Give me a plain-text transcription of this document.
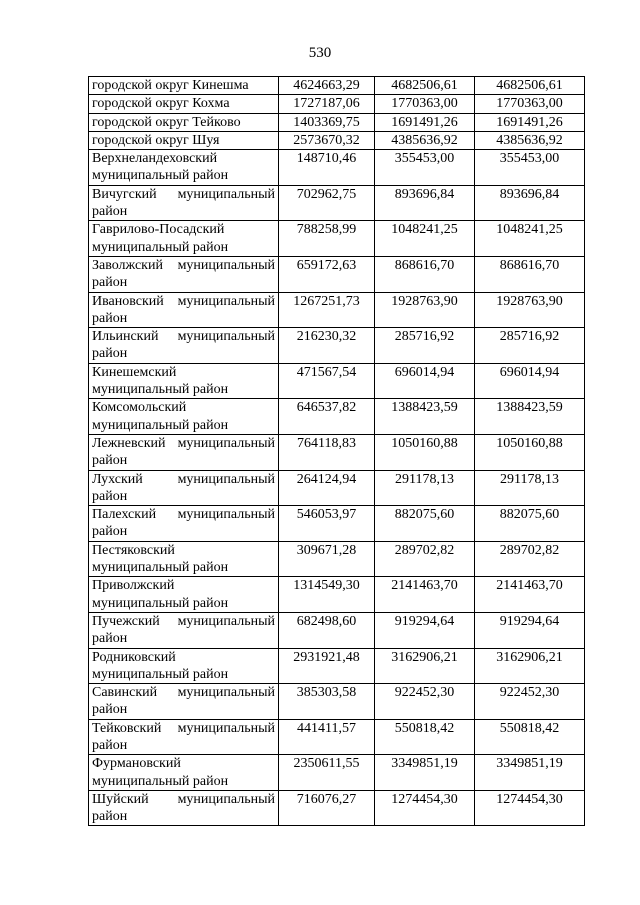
530
городской округ Кинешма	4624663,29	4682506,61	4682506,61
городской округ Кохма	1727187,06	1770363,00	1770363,00
городской округ Тейково	1403369,75	1691491,26	1691491,26
городской округ Шуя	2573670,32	4385636,92	4385636,92
Верхнеландеховский муниципальный район	148710,46	355453,00	355453,00
Вичугский муниципальный район	702962,75	893696,84	893696,84
Гаврилово-Посадский муниципальный район	788258,99	1048241,25	1048241,25
Заволжский муниципальный район	659172,63	868616,70	868616,70
Ивановский муниципальный район	1267251,73	1928763,90	1928763,90
Ильинский муниципальный район	216230,32	285716,92	285716,92
Кинешемский муниципальный район	471567,54	696014,94	696014,94
Комсомольский муниципальный район	646537,82	1388423,59	1388423,59
Лежневский муниципальный район	764118,83	1050160,88	1050160,88
Лухский муниципальный район	264124,94	291178,13	291178,13
Палехский муниципальный район	546053,97	882075,60	882075,60
Пестяковский муниципальный район	309671,28	289702,82	289702,82
Приволжский муниципальный район	1314549,30	2141463,70	2141463,70
Пучежский муниципальный район	682498,60	919294,64	919294,64
Родниковский муниципальный район	2931921,48	3162906,21	3162906,21
Савинский муниципальный район	385303,58	922452,30	922452,30
Тейковский муниципальный район	441411,57	550818,42	550818,42
Фурмановский муниципальный район	2350611,55	3349851,19	3349851,19
Шуйский муниципальный район	716076,27	1274454,30	1274454,30
